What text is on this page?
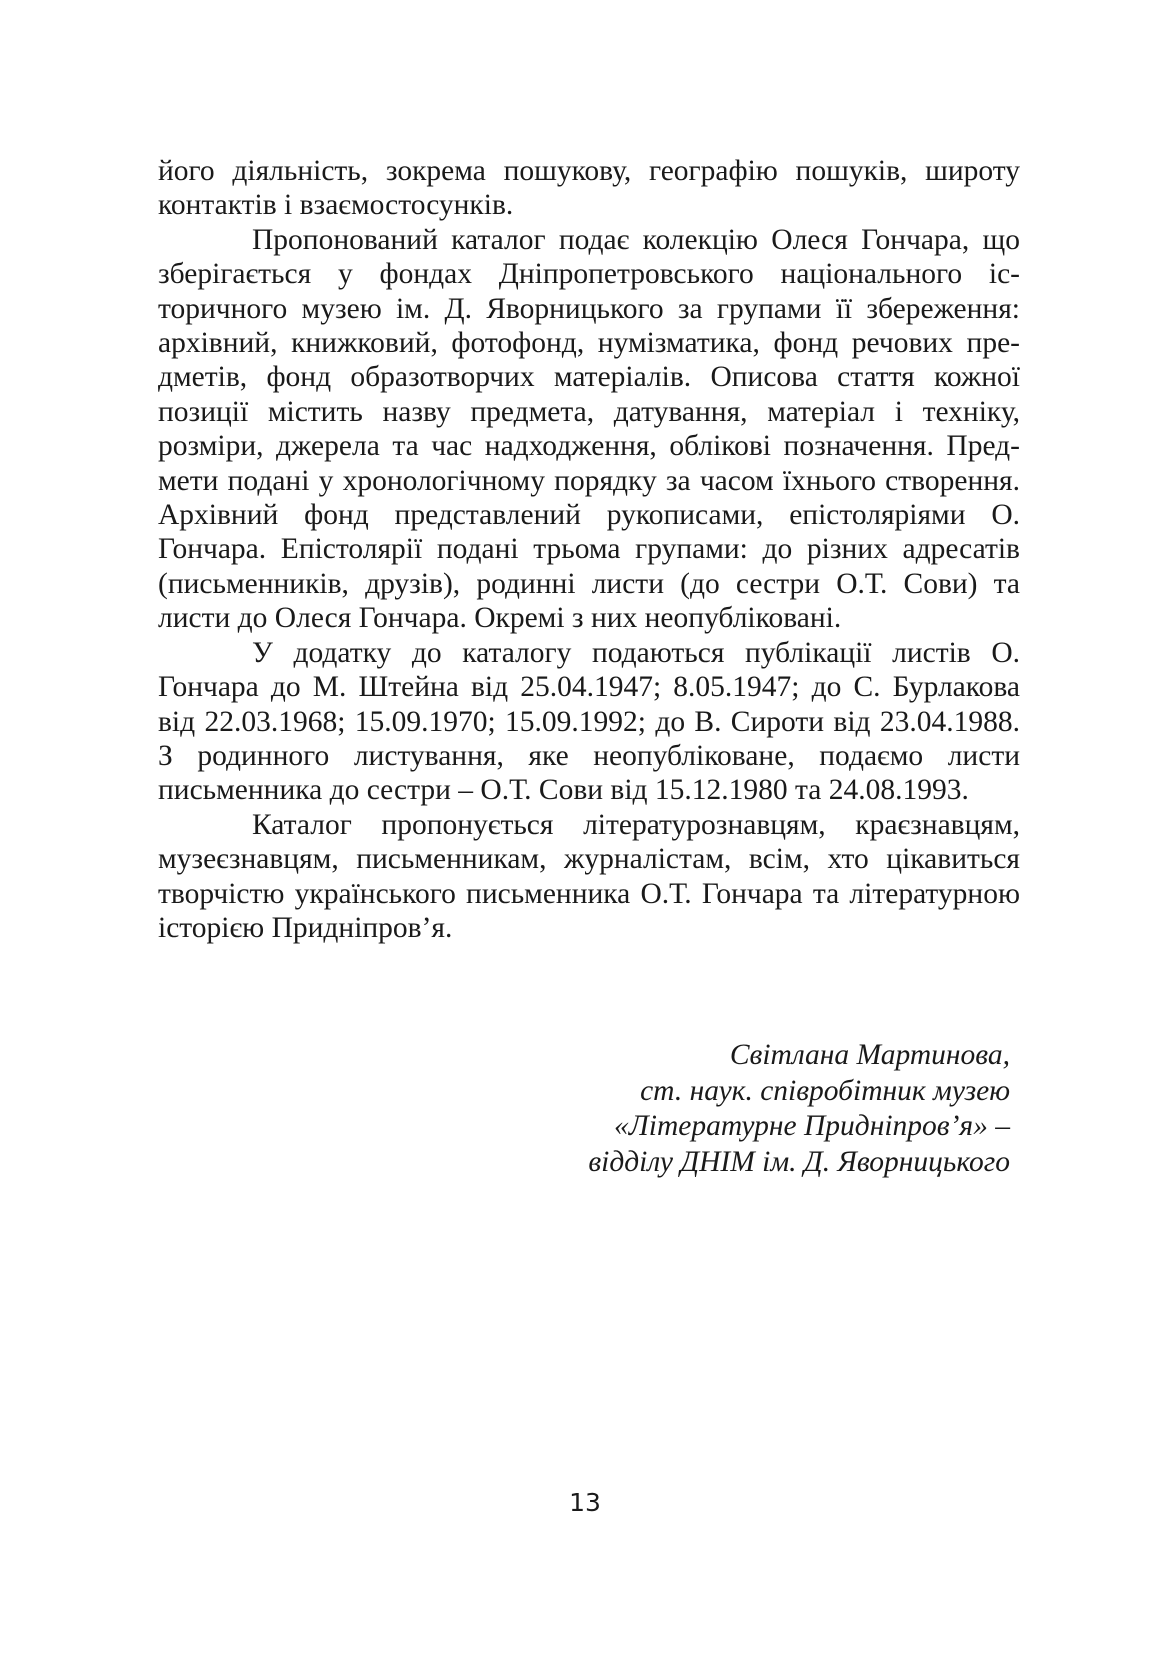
його діяльність, зокрема пошукову, географію пошуків, широту контактів і взаємостосунків.

Пропонований каталог подає колекцію Олеся Гончара, що зберігається у фондах Дніпропетровського національного історичного музею ім. Д. Яворницького за групами її збереження: архівний, книжковий, фотофонд, нумізматика, фонд речових предметів, фонд образотворчих матеріалів. Описова стаття кожної позиції містить назву предмета, датування, матеріал і техніку, розміри, джерела та час надходження, облікові позначення. Предмети подані у хронологічному порядку за часом їхнього створення. Архівний фонд представлений рукописами, епістоляріями О. Гончара. Епістолярії подані трьома групами: до різних адресатів (письменників, друзів), родинні листи (до сестри О.Т. Сови) та листи до Олеся Гончара. Окремі з них неопубліковані.

У додатку до каталогу подаються публікації листів О. Гончара до М. Штейна від 25.04.1947; 8.05.1947; до С. Бурлакова від 22.03.1968; 15.09.1970; 15.09.1992; до В. Сироти від 23.04.1988. З родинного листування, яке неопубліковане, подаємо листи письменника до сестри – О.Т. Сови від 15.12.1980 та 24.08.1993.

Каталог пропонується літературознавцям, краєзнавцям, музеєзнавцям, письменникам, журналістам, всім, хто цікавиться творчістю українського письменника О.Т. Гончара та літературною історією Придніпров’я.

Світлана Мартинова,
ст. наук. співробітник музею
«Літературне Придніпров’я» –
відділу ДНІМ ім. Д. Яворницького
13
